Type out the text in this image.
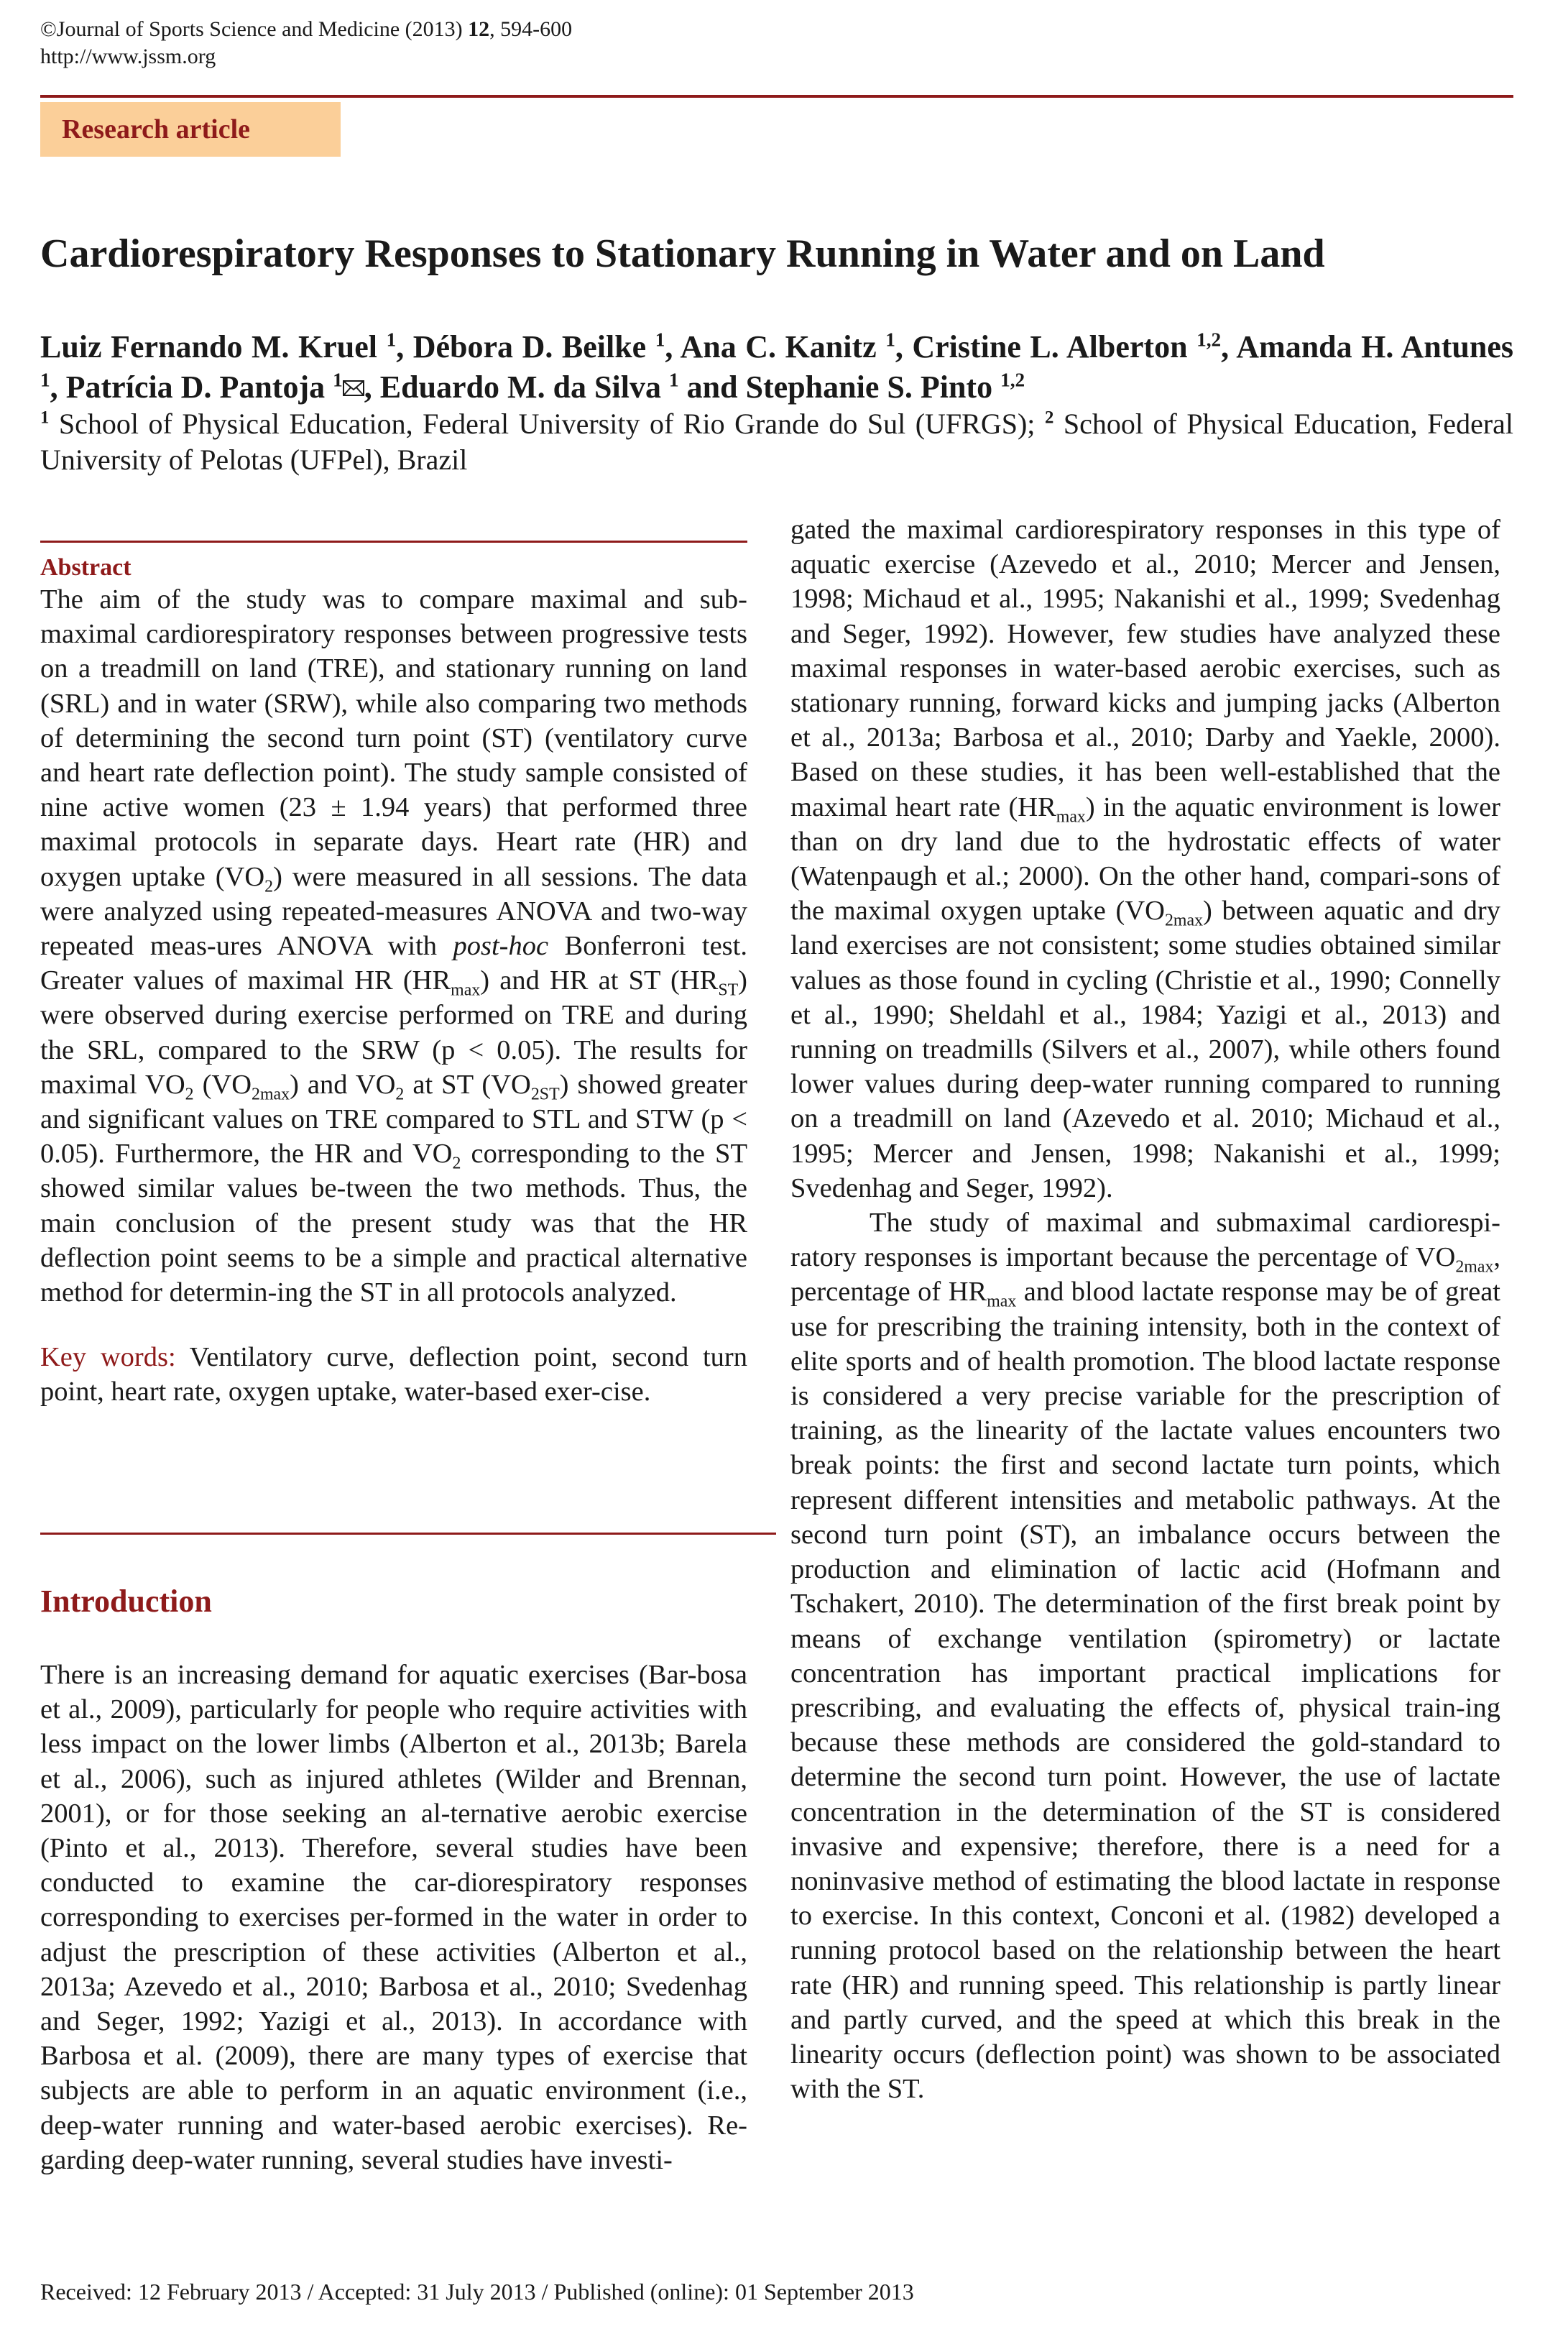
©Journal of Sports Science and Medicine (2013) 12, 594-600
http://www.jssm.org
Research article
Cardiorespiratory Responses to Stationary Running in Water and on Land
Luiz Fernando M. Kruel $^1$, Débora D. Beilke $^1$, Ana C. Kanitz $^1$, Cristine L. Alberton $^{1,2}$, Amanda H. Antunes $^1$, Patrícia D. Pantoja $^1$ , Eduardo M. da Silva $^1$ and Stephanie S. Pinto $^{1,2}$
$^1$ School of Physical Education, Federal University of Rio Grande do Sul (UFRGS); $^2$ School of Physical Education, Federal University of Pelotas (UFPel), Brazil
Abstract

The aim of the study was to compare maximal and sub-maximal cardiorespiratory responses between progressive tests on a treadmill on land (TRE), and stationary running on land (SRL) and in water (SRW), while also comparing two methods of determining the second turn point (ST) (ventilatory curve and heart rate deflection point). The study sample consisted of nine active women (23 ± 1.94 years) that performed three maximal protocols in separate days. Heart rate (HR) and oxygen uptake $(VO_2)$ were measured in all sessions. The data were analyzed using repeated-measures ANOVA and two-way repeated meas-ures ANOVA with post-hoc Bonferroni test. Greater values of maximal HR $(HR_{max})$ and HR at ST $(HR_{ST})$ were observed during exercise performed on TRE and during the SRL, compared to the SRW (p < 0.05). The results for maximal $VO_2$ $(VO_{2max})$ and $VO_2$ at ST $(VO_{2ST})$ showed greater and significant values on TRE compared to STL and STW (p < 0.05). Furthermore, the HR and $VO_2$ corresponding to the ST showed similar values be-tween the two methods. Thus, the main conclusion of the present study was that the HR deflection point seems to be a simple and practical alternative method for determin-ing the ST in all protocols analyzed.

Key words: Ventilatory curve, deflection point, second turn point, heart rate, oxygen uptake, water-based exer-cise.

Introduction

There is an increasing demand for aquatic exercises (Bar-bosa et al., 2009), particularly for people who require activities with less impact on the lower limbs (Alberton et al., 2013b; Barela et al., 2006), such as injured athletes (Wilder and Brennan, 2001), or for those seeking an al-ternative aerobic exercise (Pinto et al., 2013). Therefore, several studies have been conducted to examine the car-diorespiratory responses corresponding to exercises per-formed in the water in order to adjust the prescription of these activities (Alberton et al., 2013a; Azevedo et al., 2010; Barbosa et al., 2010; Svedenhag and Seger, 1992; Yazigi et al., 2013). In accordance with Barbosa et al. (2009), there are many types of exercise that subjects are able to perform in an aquatic environment (i.e., deep-water running and water-based aerobic exercises). Re-garding deep-water running, several studies have investi-

gated the maximal cardiorespiratory responses in this type of aquatic exercise (Azevedo et al., 2010; Mercer and Jensen, 1998; Michaud et al., 1995; Nakanishi et al., 1999; Svedenhag and Seger, 1992). However, few studies have analyzed these maximal responses in water-based aerobic exercises, such as stationary running, forward kicks and jumping jacks (Alberton et al., 2013a; Barbosa et al., 2010; Darby and Yaekle, 2000). Based on these studies, it has been well-established that the maximal heart rate $(HR_{max})$ in the aquatic environment is lower than on dry land due to the hydrostatic effects of water (Watenpaugh et al.; 2000). On the other hand, compari-sons of the maximal oxygen uptake $(VO_{2max})$ between aquatic and dry land exercises are not consistent; some studies obtained similar values as those found in cycling (Christie et al., 1990; Connelly et al., 1990; Sheldahl et al., 1984; Yazigi et al., 2013) and running on treadmills (Silvers et al., 2007), while others found lower values during deep-water running compared to running on a treadmill on land (Azevedo et al. 2010; Michaud et al., 1995; Mercer and Jensen, 1998; Nakanishi et al., 1999; Svedenhag and Seger, 1992).

The study of maximal and submaximal cardiorespi-ratory responses is important because the percentage of $VO_{2max}$, percentage of $HR_{max}$ and blood lactate response may be of great use for prescribing the training intensity, both in the context of elite sports and of health promotion. The blood lactate response is considered a very precise variable for the prescription of training, as the linearity of the lactate values encounters two break points: the first and second lactate turn points, which represent different intensities and metabolic pathways. At the second turn point (ST), an imbalance occurs between the production and elimination of lactic acid (Hofmann and Tschakert, 2010). The determination of the first break point by means of exchange ventilation (spirometry) or lactate concentration has important practical implications for prescribing, and evaluating the effects of, physical train-ing because these methods are considered the gold-standard to determine the second turn point. However, the use of lactate concentration in the determination of the ST is considered invasive and expensive; therefore, there is a need for a noninvasive method of estimating the blood lactate in response to exercise. In this context, Conconi et al. (1982) developed a running protocol based on the relationship between the heart rate (HR) and running speed. This relationship is partly linear and partly curved, and the speed at which this break in the linearity occurs (deflection point) was shown to be associated with the ST.

Received: 12 February 2013 / Accepted: 31 July 2013 / Published (online): 01 September 2013
